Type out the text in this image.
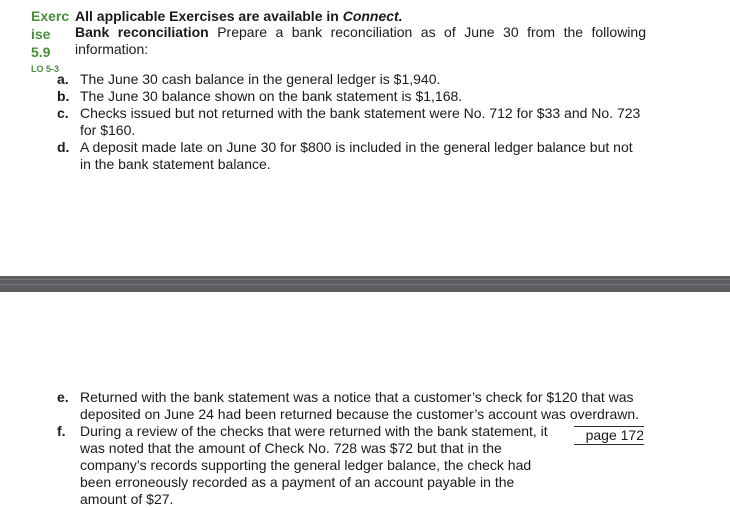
Exerc
ise
5.9
LO 5-3
All applicable Exercises are available in Connect.
Bank reconciliation Prepare a bank reconciliation as of June 30 from the following information:
a. The June 30 cash balance in the general ledger is $1,940.
b. The June 30 balance shown on the bank statement is $1,168.
c. Checks issued but not returned with the bank statement were No. 712 for $33 and No. 723 for $160.
d. A deposit made late on June 30 for $800 is included in the general ledger balance but not in the bank statement balance.
e. Returned with the bank statement was a notice that a customer’s check for $120 that was deposited on June 24 had been returned because the customer’s account was overdrawn.
f.	During a review of the checks that were returned with the bank statement, it was noted that the amount of Check No. 728 was $72 but that in the company’s records supporting the general ledger balance, the check had been erroneously recorded as a payment of an account payable in the amount of $27.
page 172
